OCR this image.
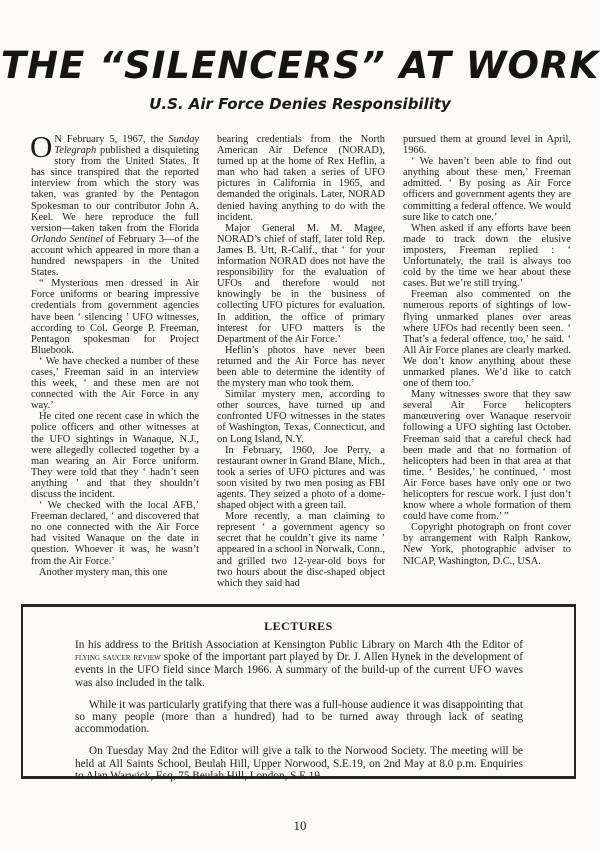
THE “SILENCERS” AT WORK
U.S. Air Force Denies Responsibility

O N February 5, 1967, the Sunday Telegraph published a disquieting story from the United States. It has since transpired that the reported interview from which the story was taken, was granted by the Pentagon Spokesman to our contributor John A. Keel. We here reproduce the full version—taken taken from the Florida Orlando Sentinel of February 3—of the account which appeared in more than a hundred newspapers in the United States.

“ Mysterious men dressed in Air Force uniforms or bearing impressive credentials from government agencies have been ‘ silencing ’ UFO witnesses, according to Col. George P. Freeman, Pentagon spokesman for Project Bluebook.

‘ We have checked a number of these cases,’ Freeman said in an interview this week, ‘ and these men are not connected with the Air Force in any way.’

He cited one recent case in which the police officers and other witnesses at the UFO sightings in Wanaque, N.J., were allegedly collected together by a man wearing an Air Force uniform. They were told that they ‘ hadn’t seen anything ’ and that they shouldn’t discuss the incident.

‘ We checked with the local AFB,’ Freeman declared, ‘ and discovered that no one connected with the Air Force had visited Wanaque on the date in question. Whoever it was, he wasn’t from the Air Force.’

Another mystery man, this one

bearing credentials from the North American Air Defence (NORAD), turned up at the home of Rex Heflin, a man who had taken a series of UFO pictures in California in 1965, and demanded the originals. Later, NORAD denied having anything to do with the incident.

Major General M. M. Magee, NORAD’s chief of staff, later told Rep. James B. Utt, R-Calif., that ‘ for your information NORAD does not have the responsibility for the evaluation of UFOs and therefore would not knowingly be in the business of collecting UFO pictures for evaluation. In addition, the office of primary interest for UFO matters is the Department of the Air Force.’

Heflin’s photos have never been returned and the Air Force has never been able to determine the identity of the mystery man who took them.

Similar mystery men, according to other sources, have turned up and confronted UFO witnesses in the states of Washington, Texas, Connecticut, and on Long Island, N.Y.

In February, 1960, Joe Perry, a restaurant owner in Grand Blane, Mich., took a series of UFO pictures and was soon visited by two men posing as FBI agents. They seized a photo of a dome-shaped object with a green tail.

More recently, a man claiming to represent ‘ a government agency so secret that he couldn’t give its name ’ appeared in a school in Norwalk, Conn., and grilled two 12-year-old boys for two hours about the disc-shaped object which they said had

pursued them at ground level in April, 1966.

‘ We haven’t been able to find out anything about these men,’ Freeman admitted. ‘ By posing as Air Force officers and government agents they are committing a federal offence. We would sure like to catch one.’

When asked if any efforts have been made to track down the elusive imposters, Freeman replied : ‘ Unfortunately, the trail is always too cold by the time we hear about these cases. But we’re still trying.’

Freeman also commented on the numerous reports of sightings of low-flying unmarked planes over areas where UFOs had recently been seen. ‘ That’s a federal offence, too,’ he said. ‘ All Air Force planes are clearly marked. We don’t know anything about these unmarked planes. We’d like to catch one of them too.’

Many witnesses swore that they saw several Air Force helicopters manœuvering over Wanaque reservoir following a UFO sighting last October. Freeman said that a careful check had been made and that no formation of helicopters had been in that area at that time. ‘ Besides,’ he continued, ‘ most Air Force bases have only one or two helicopters for rescue work. I just don’t know where a whole formation of them could have come from.’ ”

Copyright photograph on front cover by arrangement with Ralph Rankow, New York, photographic adviser to NICAP, Washington, D.C., USA.

LECTURES

In his address to the British Association at Kensington Public Library on March 4th the Editor of flying saucer review spoke of the important part played by Dr. J. Allen Hynek in the development of events in the UFO field since March 1966. A summary of the build-up of the current UFO waves was also included in the talk.

While it was particularly gratifying that there was a full-house audience it was disappointing that so many people (more than a hundred) had to be turned away through lack of seating accommodation.

On Tuesday May 2nd the Editor will give a talk to the Norwood Society. The meeting will be held at All Saints School, Beulah Hill, Upper Norwood, S.E.19, on 2nd May at 8.0 p.m. Enquiries to Alan Warwick, Esq, 75 Beulah Hill, London, S.E.19.

10
